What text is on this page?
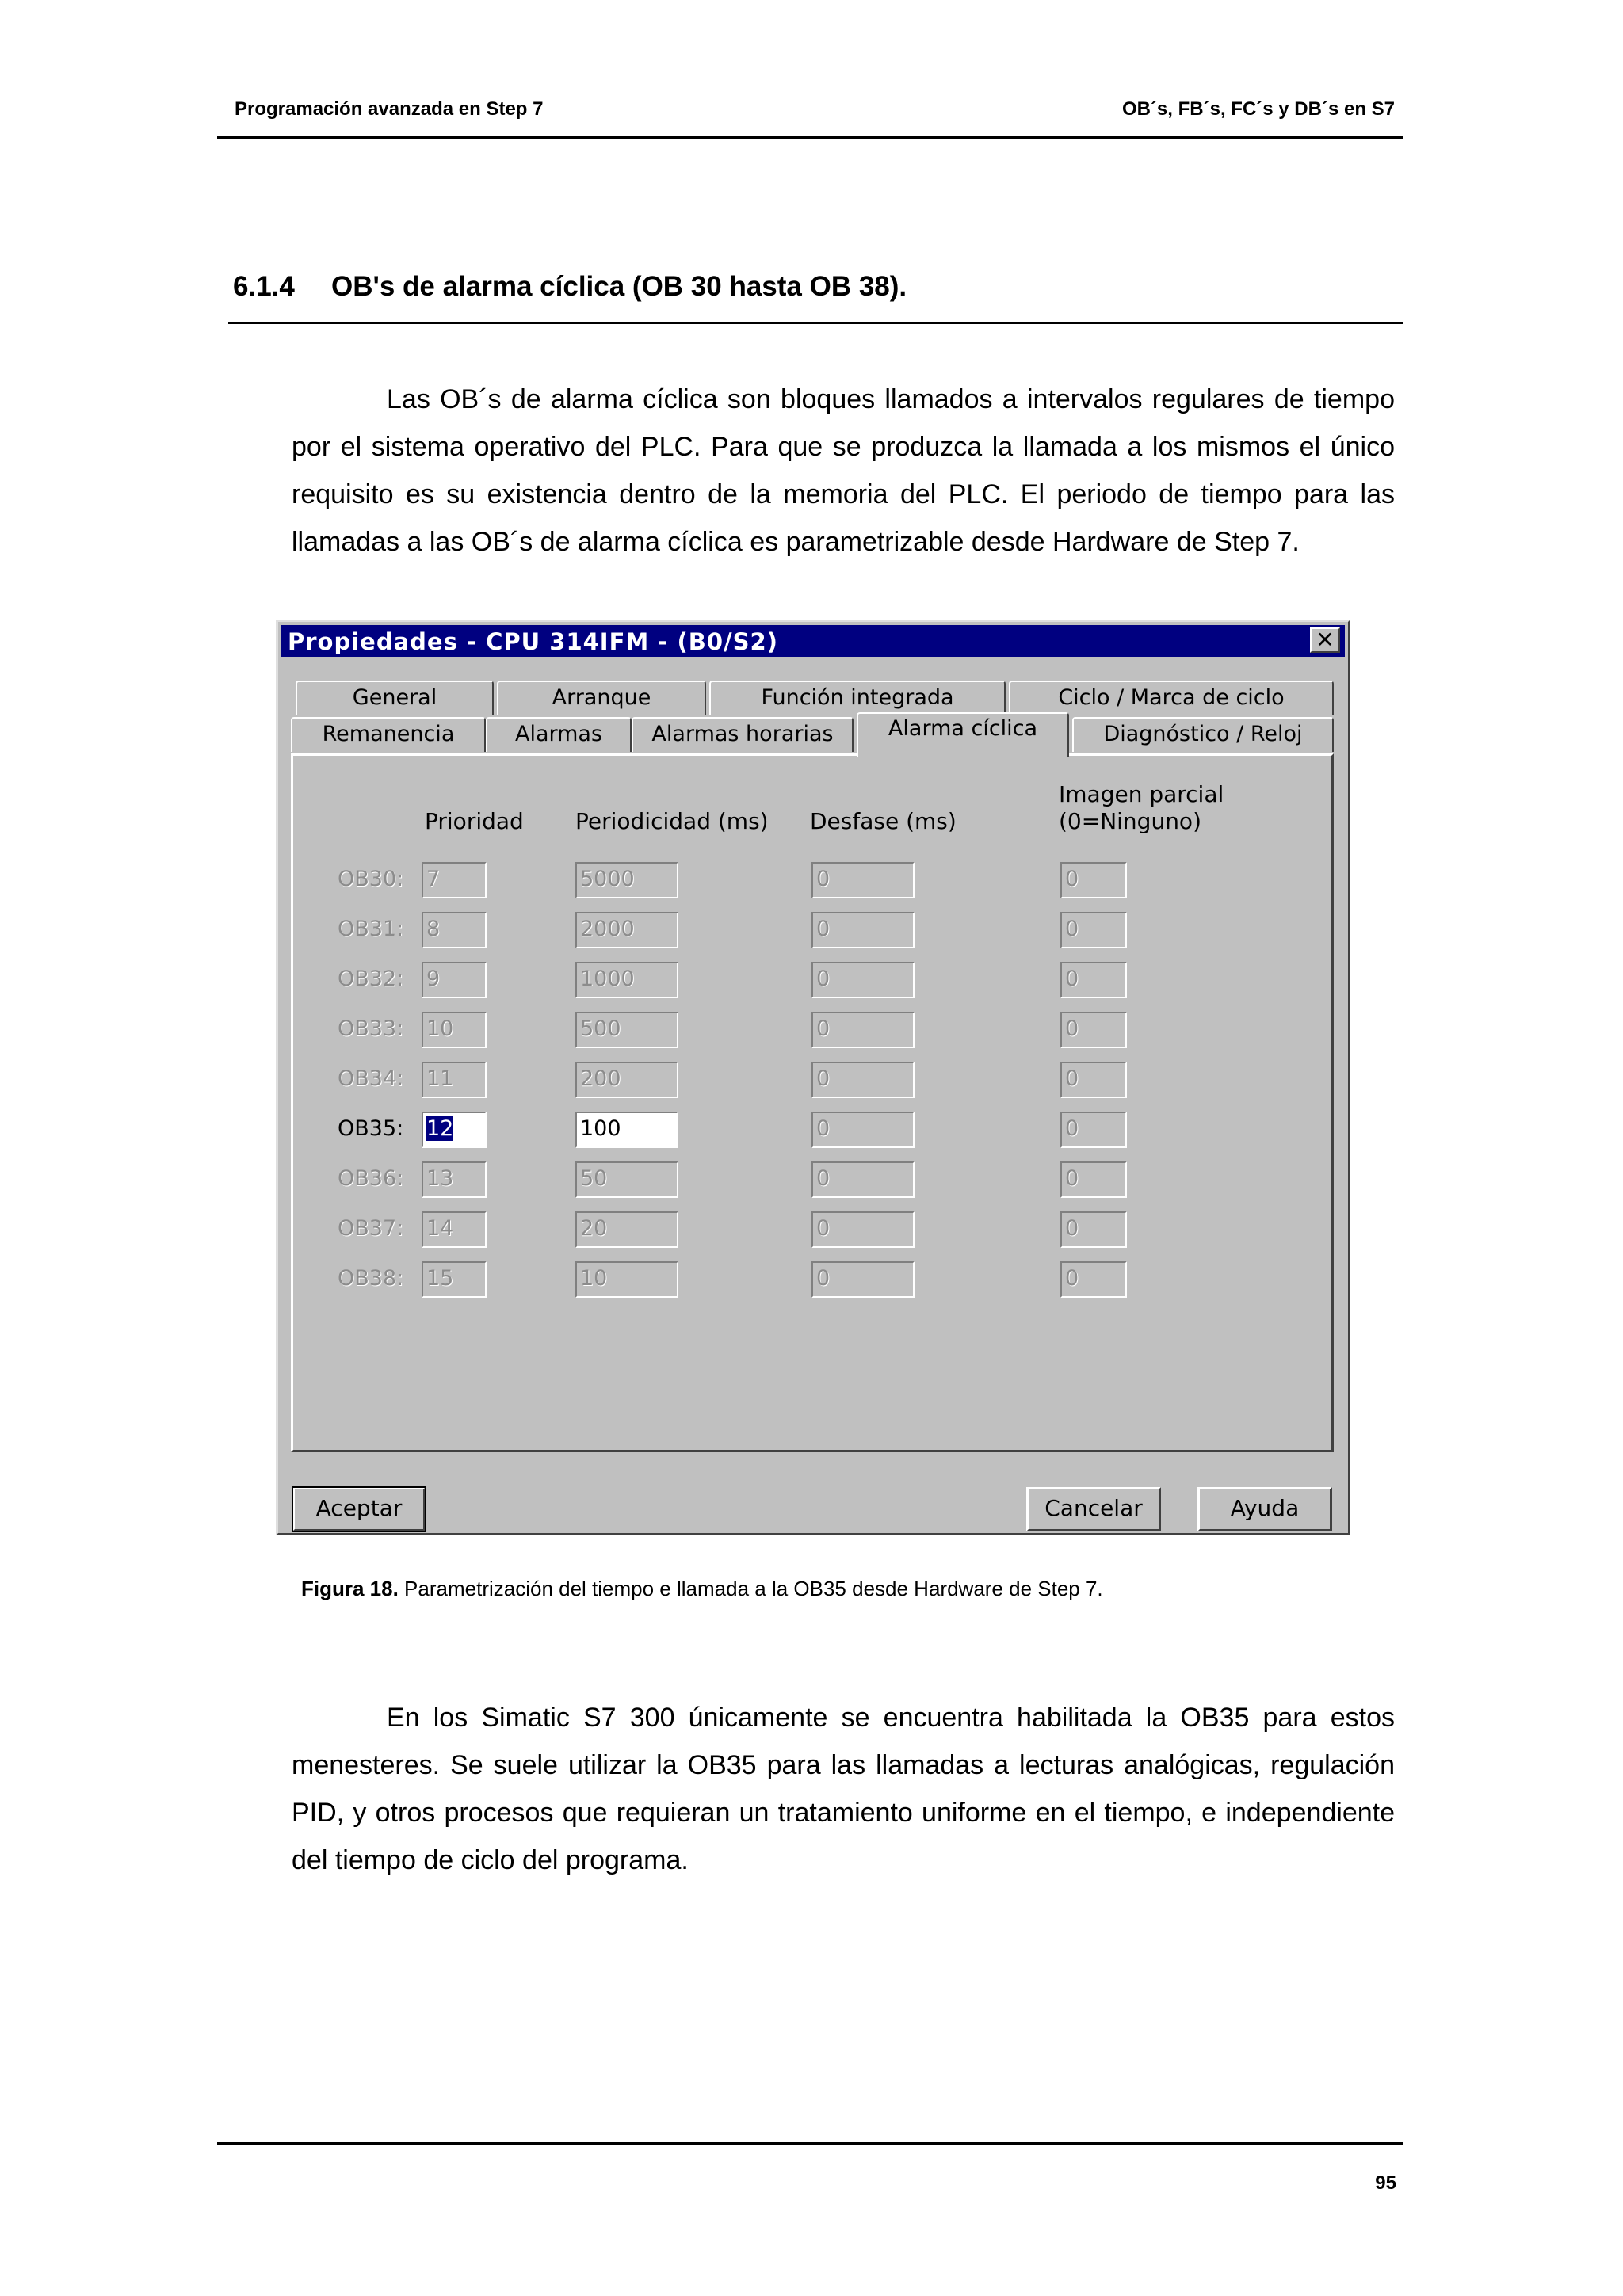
Programación avanzada en Step 7	OB´s, FB´s, FC´s y DB´s en S7
6.1.4 OB's de alarma cíclica (OB 30 hasta OB 38).
Las OB´s de alarma cíclica son bloques llamados a intervalos regulares de tiempo por el sistema operativo del PLC. Para que se produzca la llamada a los mismos el único requisito es su existencia dentro de la memoria del PLC. El periodo de tiempo para las llamadas a las OB´s de alarma cíclica es parametrizable desde Hardware de Step 7.
Propiedades - CPU 314IFM - (B0/S2)	✕
General	Arranque	Función integrada	Ciclo / Marca de ciclo
Remanencia	Alarmas	Alarmas horarias	Alarma cíclica	Diagnóstico / Reloj
Prioridad Periodicidad (ms) Desfase (ms)
Imagen parcial
(0=Ninguno)
OB30: 7	5000	0	0
OB31: 8	2000	0	0
OB32: 9	1000	0	0
OB33: 10	500	0	0
OB34: 11	200	0	0
OB35: 12	100	0	0
OB36: 13	50	0	0
OB37: 14	20	0	0
OB38: 15	10	0	0
Aceptar	Cancelar	Ayuda
Figura 18. Parametrización del tiempo e llamada a la OB35 desde Hardware de Step 7.
En los Simatic S7 300 únicamente se encuentra habilitada la OB35 para estos menesteres. Se suele utilizar la OB35 para las llamadas a lecturas analógicas, regulación PID, y otros procesos que requieran un tratamiento uniforme en el tiempo, e independiente del tiempo de ciclo del programa.
95
